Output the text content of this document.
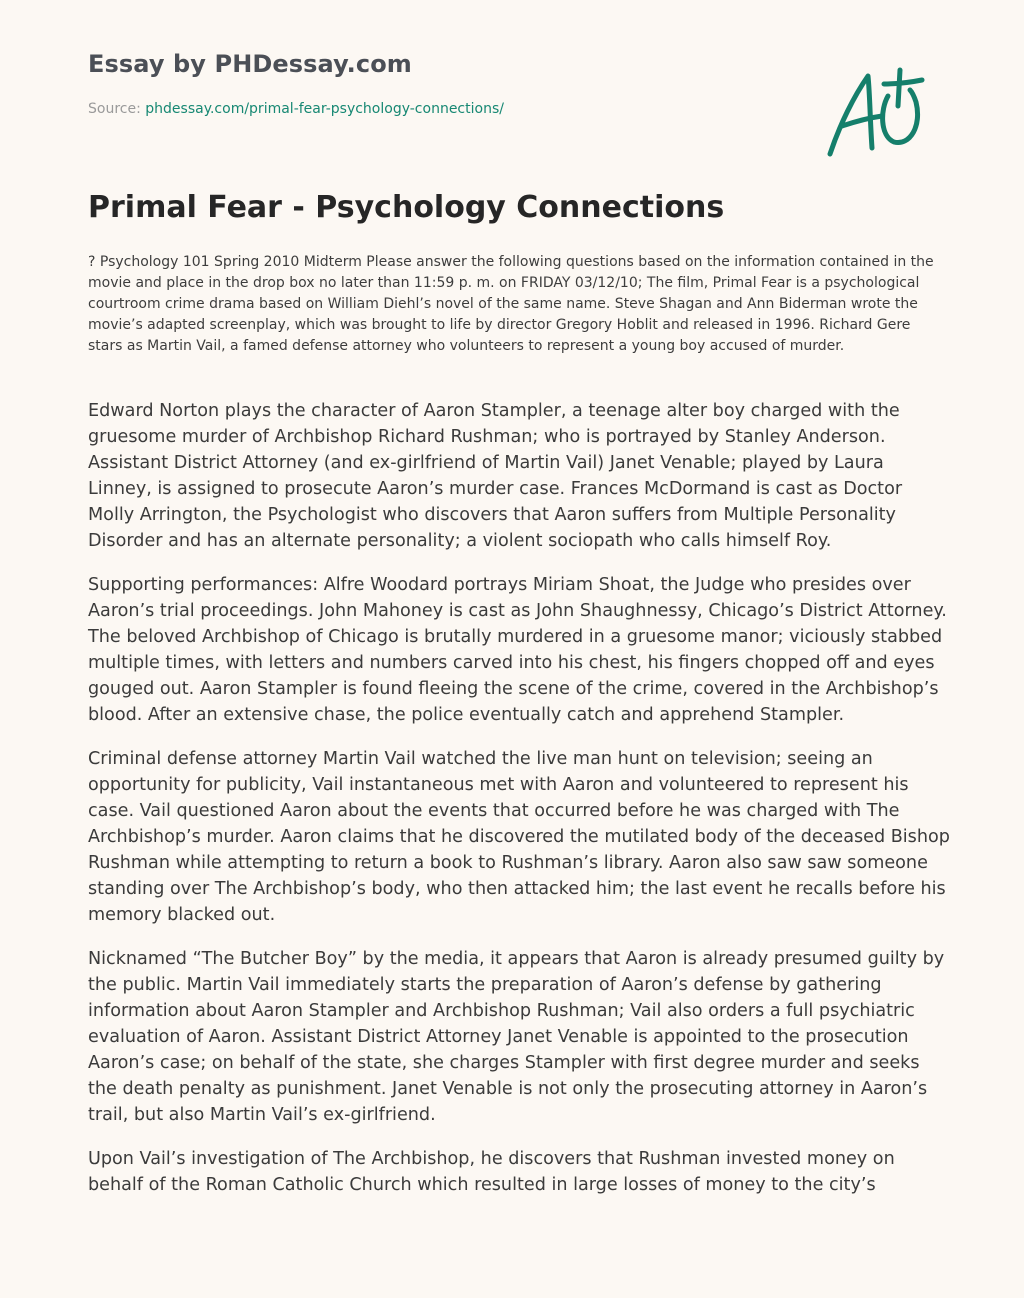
Essay by PHDessay.com
Source: phdessay.com/primal-fear-psychology-connections/
Primal Fear - Psychology Connections

? Psychology 101 Spring 2010 Midterm Please answer the following questions based on the information contained in the movie and place in the drop box no later than 11:59 p. m. on FRIDAY 03/12/10; The film, Primal Fear is a psychological courtroom crime drama based on William Diehl’s novel of the same name. Steve Shagan and Ann Biderman wrote the movie’s adapted screenplay, which was brought to life by director Gregory Hoblit and released in 1996. Richard Gere stars as Martin Vail, a famed defense attorney who volunteers to represent a young boy accused of murder.

Edward Norton plays the character of Aaron Stampler, a teenage alter boy charged with the gruesome murder of Archbishop Richard Rushman; who is portrayed by Stanley Anderson. Assistant District Attorney (and ex-girlfriend of Martin Vail) Janet Venable; played by Laura Linney, is assigned to prosecute Aaron’s murder case. Frances McDormand is cast as Doctor Molly Arrington, the Psychologist who discovers that Aaron suffers from Multiple Personality Disorder and has an alternate personality; a violent sociopath who calls himself Roy.

Supporting performances: Alfre Woodard portrays Miriam Shoat, the Judge who presides over Aaron’s trial proceedings. John Mahoney is cast as John Shaughnessy, Chicago’s District Attorney. The beloved Archbishop of Chicago is brutally murdered in a gruesome manor; viciously stabbed multiple times, with letters and numbers carved into his chest, his fingers chopped off and eyes gouged out. Aaron Stampler is found fleeing the scene of the crime, covered in the Archbishop’s blood. After an extensive chase, the police eventually catch and apprehend Stampler.

Criminal defense attorney Martin Vail watched the live man hunt on television; seeing an opportunity for publicity, Vail instantaneous met with Aaron and volunteered to represent his case. Vail questioned Aaron about the events that occurred before he was charged with The Archbishop’s murder. Aaron claims that he discovered the mutilated body of the deceased Bishop Rushman while attempting to return a book to Rushman’s library. Aaron also saw saw someone standing over The Archbishop’s body, who then attacked him; the last event he recalls before his memory blacked out.

Nicknamed “The Butcher Boy” by the media, it appears that Aaron is already presumed guilty by the public. Martin Vail immediately starts the preparation of Aaron’s defense by gathering information about Aaron Stampler and Archbishop Rushman; Vail also orders a full psychiatric evaluation of Aaron. Assistant District Attorney Janet Venable is appointed to the prosecution Aaron’s case; on behalf of the state, she charges Stampler with first degree murder and seeks the death penalty as punishment. Janet Venable is not only the prosecuting attorney in Aaron’s trail, but also Martin Vail’s ex-girlfriend.

Upon Vail’s investigation of The Archbishop, he discovers that Rushman invested money on behalf of the Roman Catholic Church which resulted in large losses of money to the city’s
